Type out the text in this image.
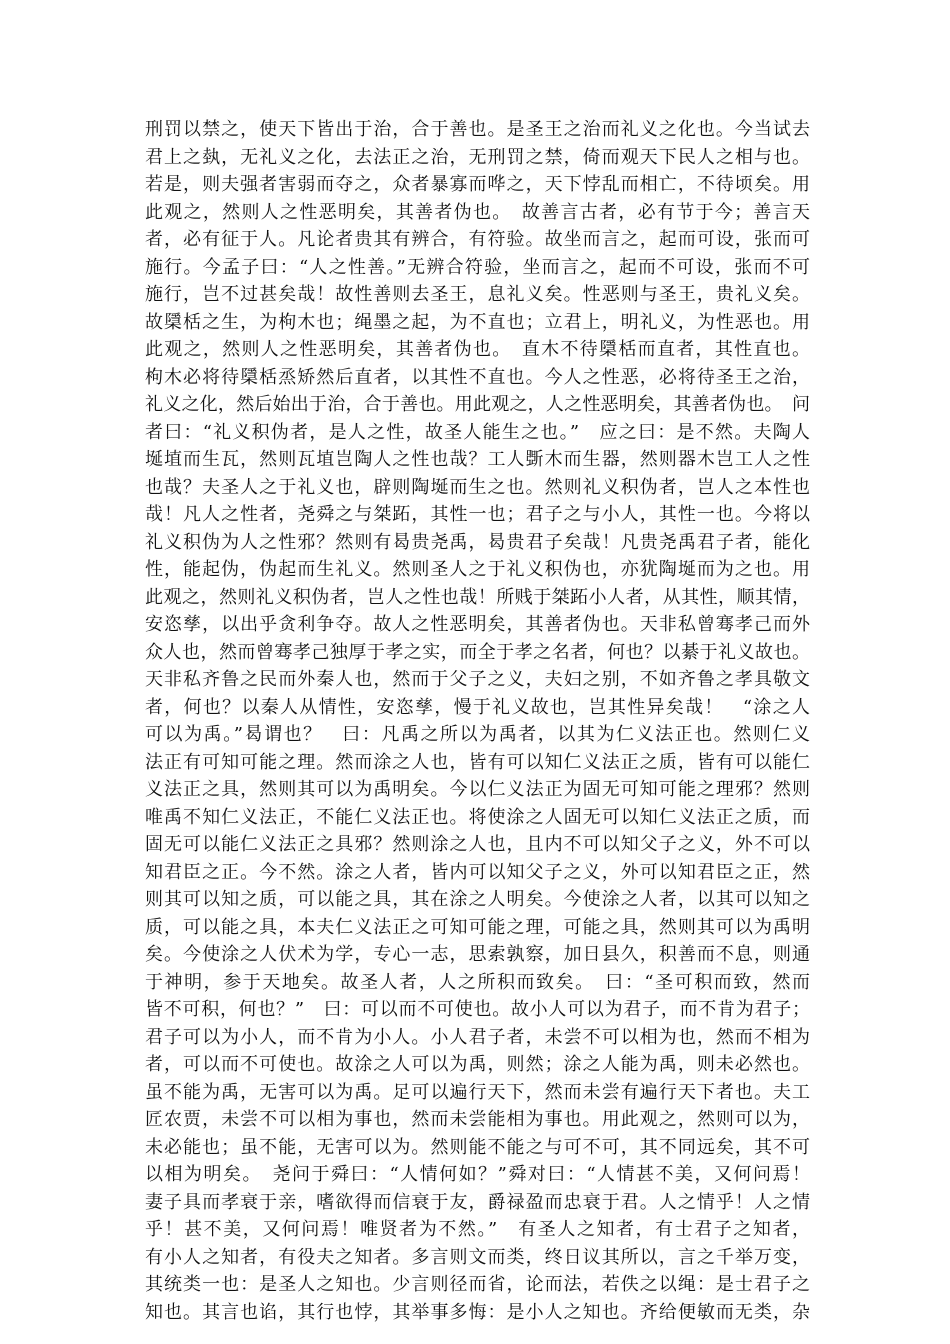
刑罚以禁之，使天下皆出于治，合于善也。是圣王之治而礼义之化也。今当试去
君上之埶，无礼义之化，去法正之治，无刑罚之禁，倚而观天下民人之相与也。
若是，则夫强者害弱而夺之，众者暴寡而哗之，天下悖乱而相亡，不待顷矣。用
此观之，然则人之性恶明矣，其善者伪也。　故善言古者，必有节于今；善言天
者，必有征于人。凡论者贵其有辨合，有符验。故坐而言之，起而可设，张而可
施行。今孟子曰：“人之性善。”无辨合符验，坐而言之，起而不可设，张而不可
施行，岂不过甚矣哉！故性善则去圣王，息礼义矣。性恶则与圣王，贵礼义矣。
故檃栝之生，为枸木也；绳墨之起，为不直也；立君上，明礼义，为性恶也。用
此观之，然则人之性恶明矣，其善者伪也。　直木不待檃栝而直者，其性直也。
枸木必将待檃栝烝矫然后直者，以其性不直也。今人之性恶，必将待圣王之治，
礼义之化，然后始出于治，合于善也。用此观之，人之性恶明矣，其善者伪也。　问
者曰：“礼义积伪者，是人之性，故圣人能生之也。”　应之曰：是不然。夫陶人
埏埴而生瓦，然则瓦埴岂陶人之性也哉？工人斲木而生器，然则器木岂工人之性
也哉？夫圣人之于礼义也，辟则陶埏而生之也。然则礼义积伪者，岂人之本性也
哉！凡人之性者，尧舜之与桀跖，其性一也；君子之与小人，其性一也。今将以
礼义积伪为人之性邪？然则有曷贵尧禹，曷贵君子矣哉！凡贵尧禹君子者，能化
性，能起伪，伪起而生礼义。然则圣人之于礼义积伪也，亦犹陶埏而为之也。用
此观之，然则礼义积伪者，岂人之性也哉！所贱于桀跖小人者，从其性，顺其情，
安恣孳，以出乎贪利争夺。故人之性恶明矣，其善者伪也。天非私曾骞孝己而外
众人也，然而曾骞孝己独厚于孝之实，而全于孝之名者，何也？以綦于礼义故也。
天非私齐鲁之民而外秦人也，然而于父子之义，夫妇之别，不如齐鲁之孝具敬文
者，何也？以秦人从情性，安恣孳，慢于礼义故也，岂其性异矣哉！　“涂之人
可以为禹。”曷谓也？　曰：凡禹之所以为禹者，以其为仁义法正也。然则仁义
法正有可知可能之理。然而涂之人也，皆有可以知仁义法正之质，皆有可以能仁
义法正之具，然则其可以为禹明矣。今以仁义法正为固无可知可能之理邪？然则
唯禹不知仁义法正，不能仁义法正也。将使涂之人固无可以知仁义法正之质，而
固无可以能仁义法正之具邪？然则涂之人也，且内不可以知父子之义，外不可以
知君臣之正。今不然。涂之人者，皆内可以知父子之义，外可以知君臣之正，然
则其可以知之质，可以能之具，其在涂之人明矣。今使涂之人者，以其可以知之
质，可以能之具，本夫仁义法正之可知可能之理，可能之具，然则其可以为禹明
矣。今使涂之人伏术为学，专心一志，思索孰察，加日县久，积善而不息，则通
于神明，参于天地矣。故圣人者，人之所积而致矣。　曰：“圣可积而致，然而
皆不可积，何也？”　曰：可以而不可使也。故小人可以为君子，而不肯为君子；
君子可以为小人，而不肯为小人。小人君子者，未尝不可以相为也，然而不相为
者，可以而不可使也。故涂之人可以为禹，则然；涂之人能为禹，则未必然也。
虽不能为禹，无害可以为禹。足可以遍行天下，然而未尝有遍行天下者也。夫工
匠农贾，未尝不可以相为事也，然而未尝能相为事也。用此观之，然则可以为，
未必能也；虽不能，无害可以为。然则能不能之与可不可，其不同远矣，其不可
以相为明矣。　尧问于舜曰：“人情何如？”舜对曰：“人情甚不美，又何问焉！
妻子具而孝衰于亲，嗜欲得而信衰于友，爵禄盈而忠衰于君。人之情乎！人之情
乎！甚不美，又何问焉！唯贤者为不然。”　有圣人之知者，有士君子之知者，
有小人之知者，有役夫之知者。多言则文而类，终日议其所以，言之千举万变，
其统类一也：是圣人之知也。少言则径而省，论而法，若佚之以绳：是士君子之
知也。其言也谄，其行也悖，其举事多悔：是小人之知也。齐给便敏而无类，杂
